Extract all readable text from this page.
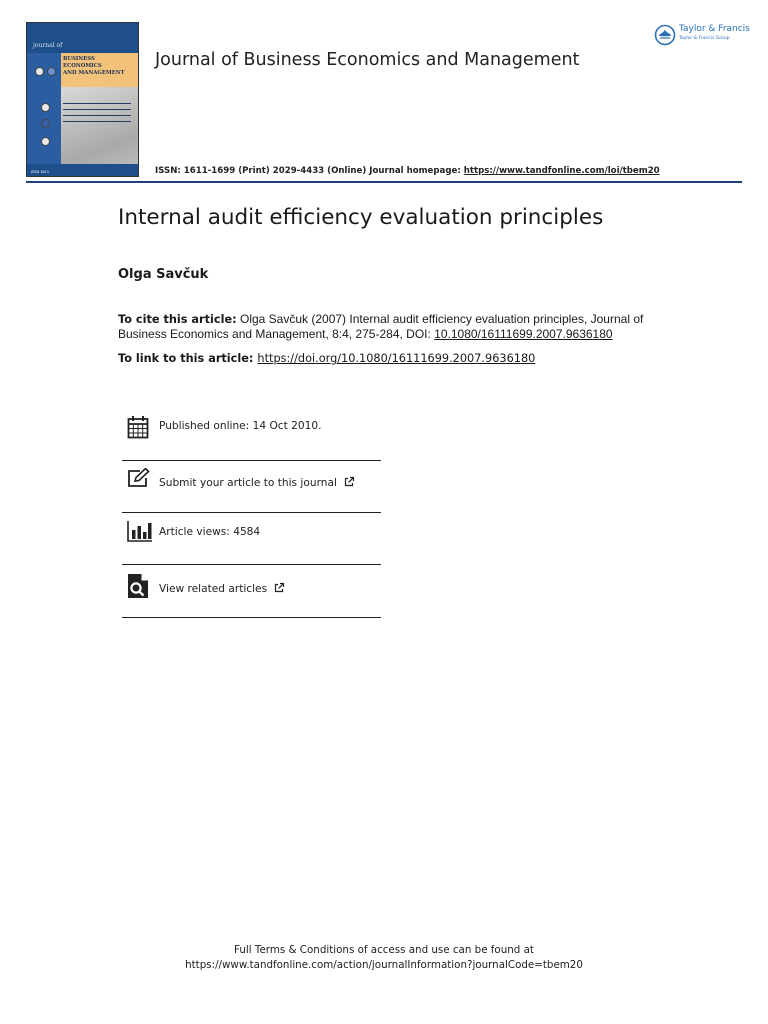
journal of
BUSINESS
ECONOMICS
AND MANAGEMENT
ISSN 1611
Journal of Business Economics and Management
Taylor & Francis
Taylor & Francis Group
ISSN: 1611-1699 (Print) 2029-4433 (Online) Journal homepage: https://www.tandfonline.com/loi/tbem20
Internal audit efficiency evaluation principles
Olga Savčuk
To cite this article: Olga Savčuk (2007) Internal audit efficiency evaluation principles, Journal of Business Economics and Management, 8:4, 275-284, DOI: 10.1080/16111699.2007.9636180
To link to this article: https://doi.org/10.1080/16111699.2007.9636180
Published online: 14 Oct 2010.
Submit your article to this journal
Article views: 4584
View related articles
Full Terms & Conditions of access and use can be found at
https://www.tandfonline.com/action/journalInformation?journalCode=tbem20
